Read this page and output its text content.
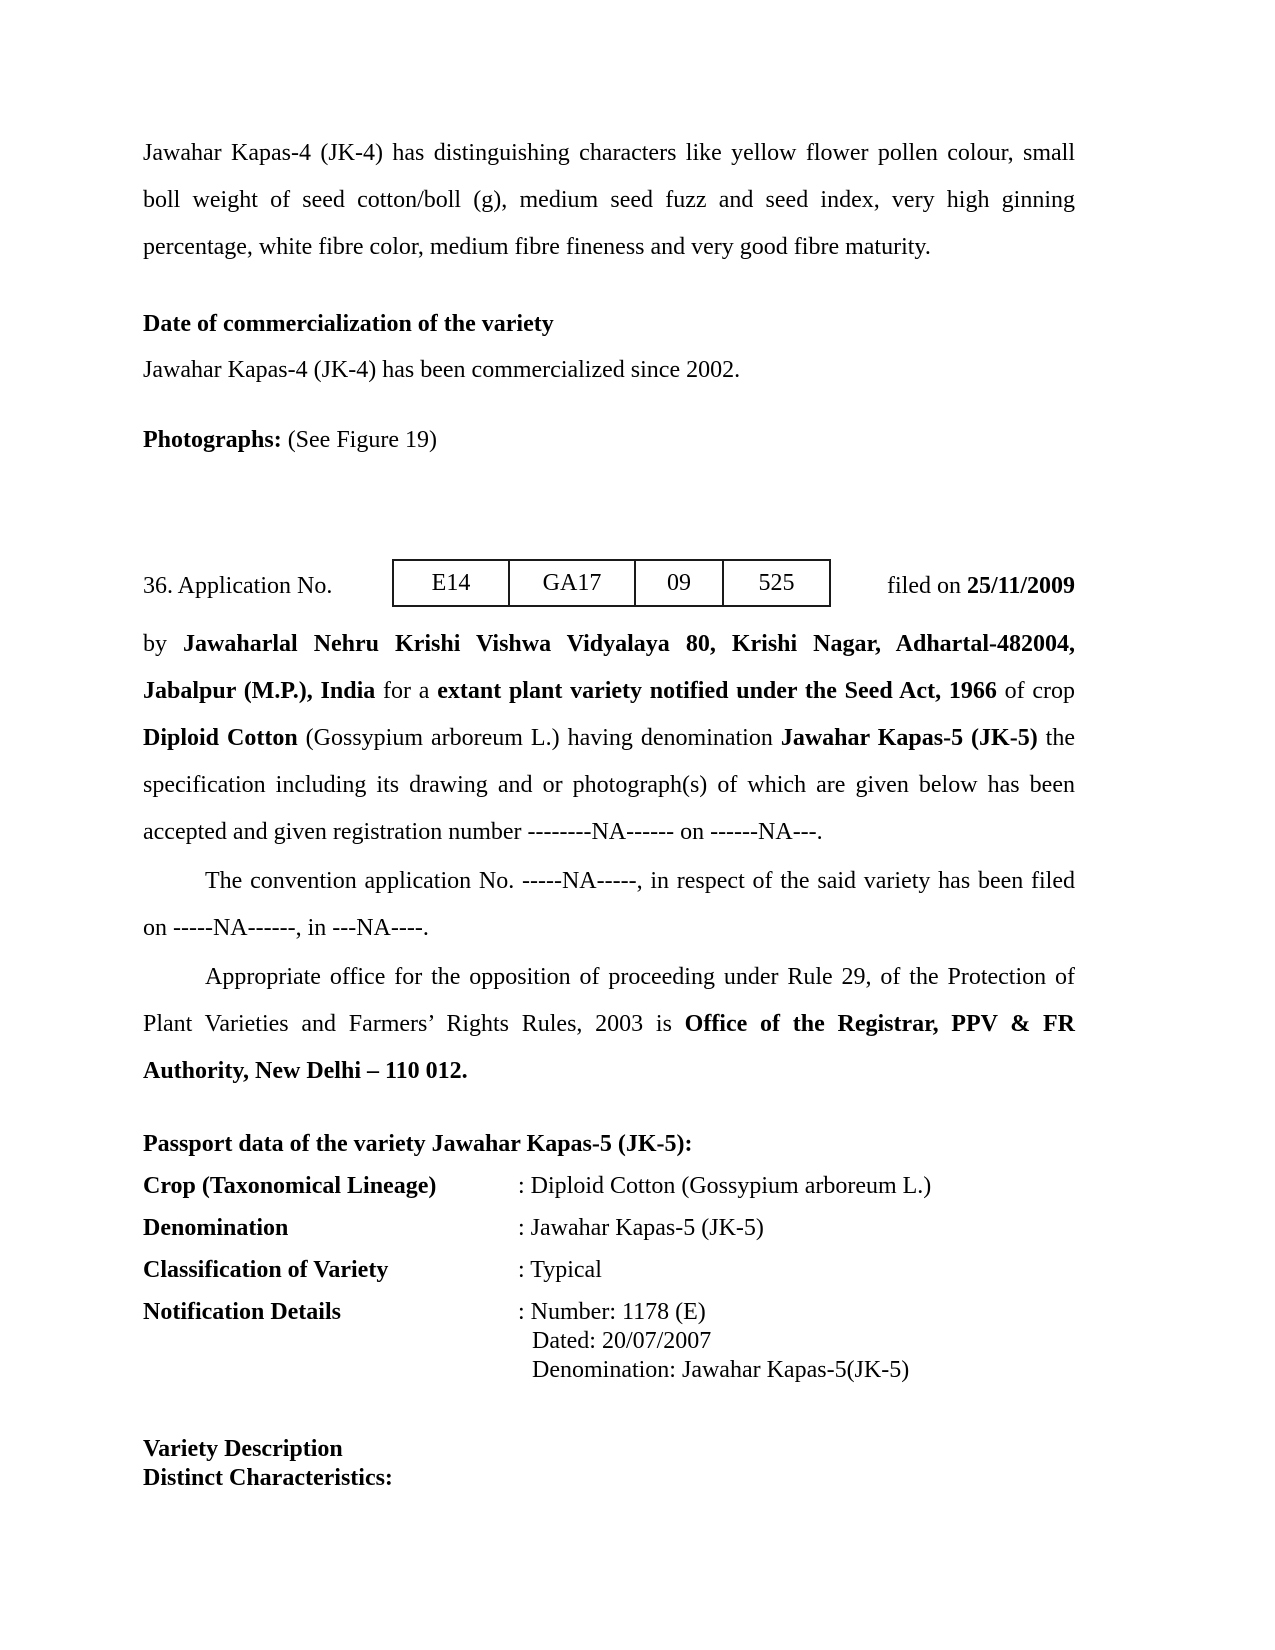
Jawahar Kapas-4 (JK-4) has distinguishing characters like yellow flower pollen colour, small boll weight of seed cotton/boll (g), medium seed fuzz and seed index, very high ginning percentage, white fibre color, medium fibre fineness and very good fibre maturity.

Date of commercialization of the variety

Jawahar Kapas-4 (JK-4) has been commercialized since 2002.

Photographs: (See Figure 19)

36. Application No.	E14	GA17	09	525	filed on 25/11/2009

by Jawaharlal Nehru Krishi Vishwa Vidyalaya 80, Krishi Nagar, Adhartal-482004, Jabalpur (M.P.), India for a extant plant variety notified under the Seed Act, 1966 of crop Diploid Cotton (Gossypium arboreum L.) having denomination Jawahar Kapas-5 (JK-5) the specification including its drawing and or photograph(s) of which are given below has been accepted and given registration number --------NA------ on ------NA---.

The convention application No. -----NA-----, in respect of the said variety has been filed on -----NA------, in ---NA----.

Appropriate office for the opposition of proceeding under Rule 29, of the Protection of Plant Varieties and Farmers’ Rights Rules, 2003 is Office of the Registrar, PPV & FR Authority, New Delhi – 110 012.

Passport data of the variety Jawahar Kapas-5 (JK-5):

Crop (Taxonomical Lineage)	: Diploid Cotton (Gossypium arboreum L.)
Denomination	: Jawahar Kapas-5 (JK-5)
Classification of Variety	: Typical
Notification Details	: Number: 1178 (E)
Dated: 20/07/2007
Denomination: Jawahar Kapas-5(JK-5)
Variety Description
Distinct Characteristics:
